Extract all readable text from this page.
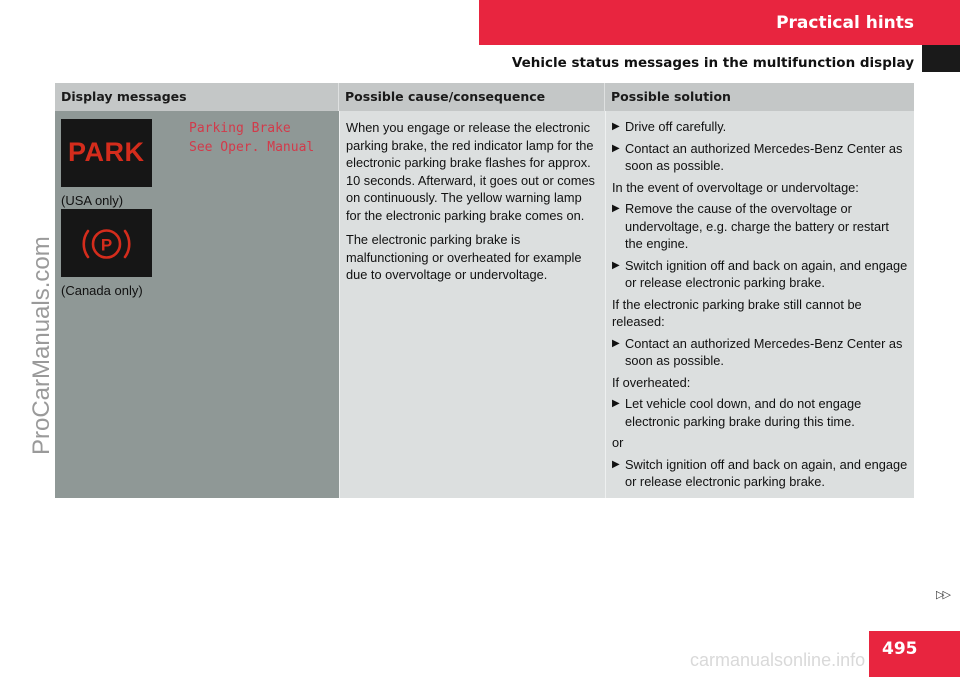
Practical hints
Vehicle status messages in the multifunction display
ProCarManuals.com
Display messages	Possible cause/consequence	Possible solution
PARK
Parking Brake
See Oper. Manual
(USA only)
P
(Canada only)

When you engage or release the electronic parking brake, the red indicator lamp for the electronic parking brake flashes for approx. 10 seconds. Afterward, it goes out or comes on continuously. The yellow warning lamp for the electronic parking brake comes on.

The electronic parking brake is malfunctioning or overheated for example due to overvoltage or undervoltage.

▶ Drive off carefully.
▶ Contact an authorized Mercedes-Benz Center as soon as possible.
In the event of overvoltage or undervoltage:
▶ Remove the cause of the overvoltage or undervoltage, e.g. charge the battery or restart the engine.
▶ Switch ignition off and back on again, and engage or release electronic parking brake.
If the electronic parking brake still cannot be released:
▶ Contact an authorized Mercedes-Benz Center as soon as possible.
If overheated:
▶ Let vehicle cool down, and do not engage electronic parking brake during this time.
or
▶ Switch ignition off and back on again, and engage or release electronic parking brake.
▷▷
495
carmanualsonline.info
